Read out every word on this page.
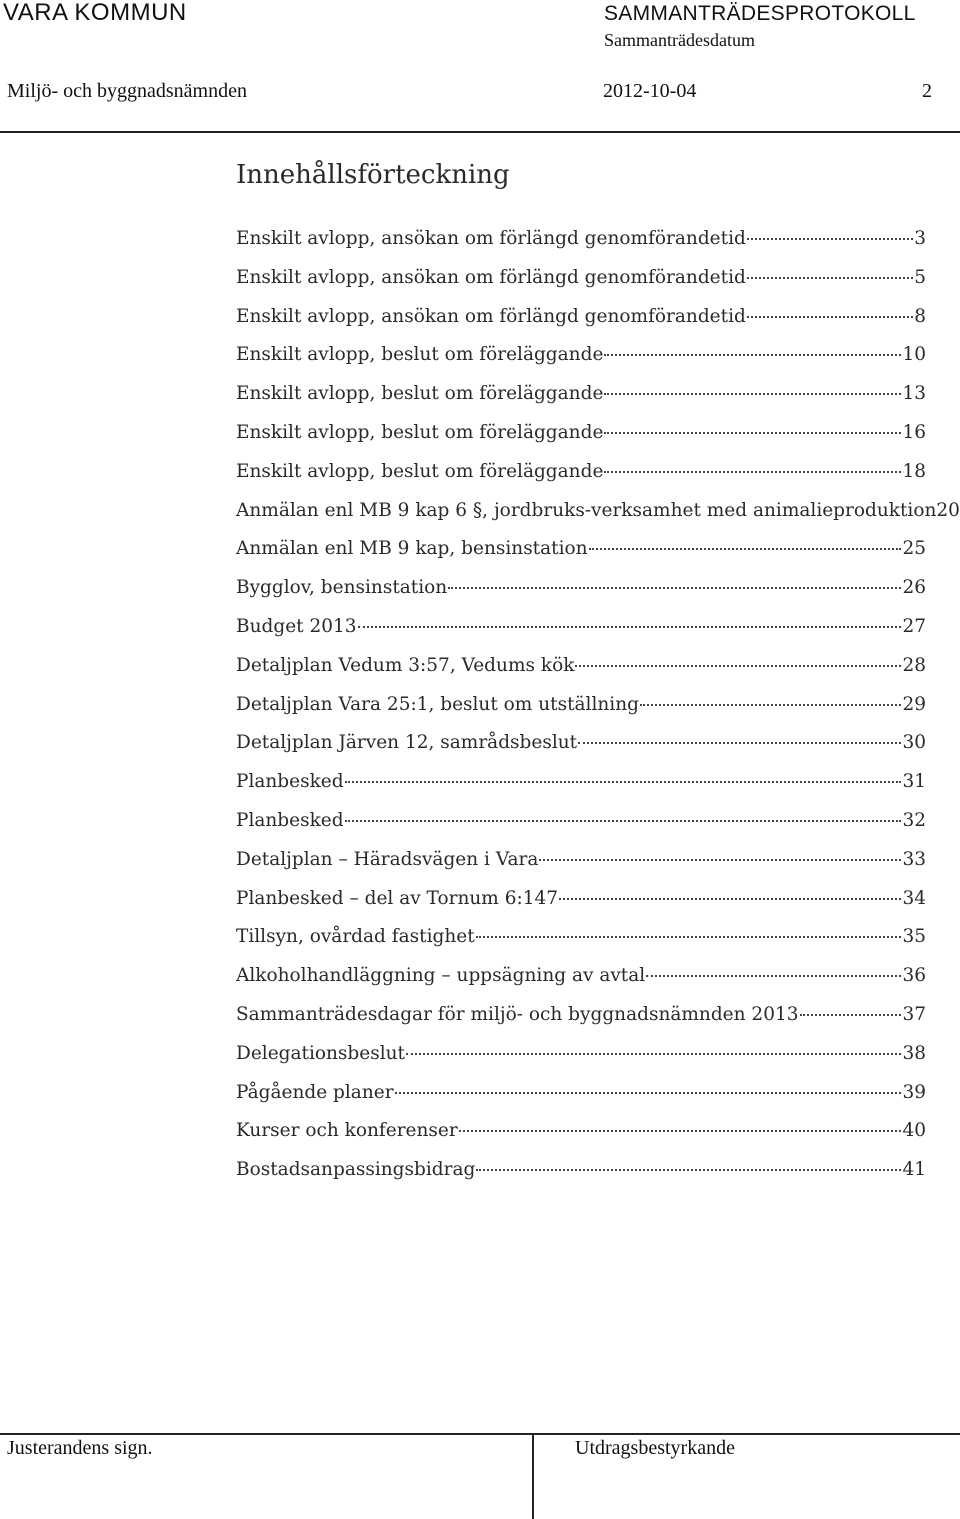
VARA KOMMUN	SAMMANTRÄDESPROTOKOLL
Sammanträdesdatum
Miljö- och byggnadsnämnden	2012-10-04	2
Innehållsförteckning
Enskilt avlopp, ansökan om förlängd genomförandetid	3
Enskilt avlopp, ansökan om förlängd genomförandetid	5
Enskilt avlopp, ansökan om förlängd genomförandetid	8
Enskilt avlopp, beslut om föreläggande	10
Enskilt avlopp, beslut om föreläggande	13
Enskilt avlopp, beslut om föreläggande	16
Enskilt avlopp, beslut om föreläggande	18
Anmälan enl MB 9 kap 6 §, jordbruks-verksamhet med animalieproduktion 20
Anmälan enl MB 9 kap, bensinstation	25
Bygglov, bensinstation	26
Budget 2013	27
Detaljplan Vedum 3:57, Vedums kök	28
Detaljplan Vara 25:1, beslut om utställning	29
Detaljplan Järven 12, samrådsbeslut	30
Planbesked	31
Planbesked	32
Detaljplan – Häradsvägen i Vara	33
Planbesked – del av Tornum 6:147	34
Tillsyn, ovårdad fastighet	35
Alkoholhandläggning – uppsägning av avtal	36
Sammanträdesdagar för miljö- och byggnadsnämnden 2013	37
Delegationsbeslut	38
Pågående planer	39
Kurser och konferenser	40
Bostadsanpassingsbidrag	41
Justerandens sign.	Utdragsbestyrkande
